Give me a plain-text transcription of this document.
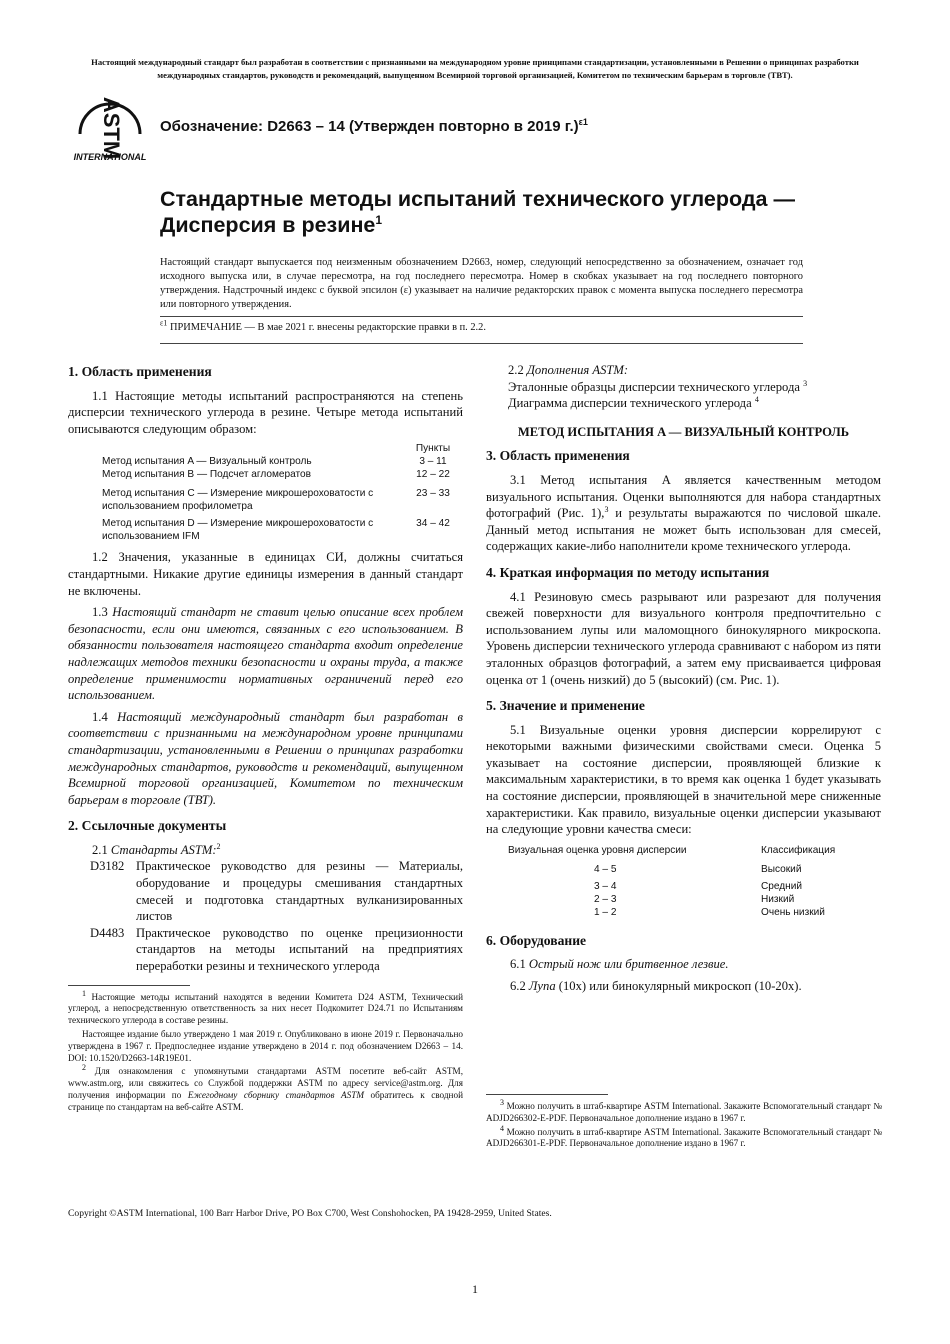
Настоящий международный стандарт был разработан в соответствии с признанными на международном уровне принципами стандартизации, установленными в Решении о принципах разработки международных стандартов, руководств и рекомендаций, выпущенном Всемирной торговой организацией, Комитетом по техническим барьерам в торговле (ТВТ).
ASTM
INTERNATIONAL
Обозначение: D2663 – 14 (Утвержден повторно в 2019 г.)$^{\varepsilon 1}$
Стандартные методы испытаний технического углерода — Дисперсия в резине$^1$
Настоящий стандарт выпускается под неизменным обозначением D2663, номер, следующий непосредственно за обозначением, означает год исходного выпуска или, в случае пересмотра, на год последнего пересмотра. Номер в скобках указывает на год последнего повторного утверждения. Надстрочный индекс с буквой эпсилон (ε) указывает на наличие редакторских правок с момента выпуска последнего пересмотра или повторного утверждения.
$^{\varepsilon 1}$ ПРИМЕЧАНИЕ — В мае 2021 г. внесены редакторские правки в п. 2.2.
1. Область применения

1.1 Настоящие методы испытаний распространяются на степень дисперсии технического углерода в резине. Четыре метода испытаний описываются следующим образом:

	Пункты
Метод испытания A — Визуальный контроль	3 – 11
Метод испытания B — Подсчет агломератов	12 – 22
Метод испытания C — Измерение микрошероховатости с использованием профилометра	23 – 33
Метод испытания D — Измерение микрошероховатости с использованием IFM	34 – 42

1.2 Значения, указанные в единицах СИ, должны считаться стандартными. Никакие другие единицы измерения в данный стандарт не включены.

1.3 Настоящий стандарт не ставит целью описание всех проблем безопасности, если они имеются, связанных с его использованием. В обязанности пользователя настоящего стандарта входит определение надлежащих методов техники безопасности и охраны труда, а также определение применимости нормативных ограничений перед его использованием.

1.4 Настоящий международный стандарт был разработан в соответствии с признанными на международном уровне принципами стандартизации, установленными в Решении о принципах разработки международных стандартов, руководств и рекомендаций, выпущенном Всемирной торговой организацией, Комитетом по техническим барьерам в торговле (ТВТ).

2. Ссылочные документы

2.1 Стандарты ASTM:$^2$

D3182 Практическое руководство для резины — Материалы, оборудование и процедуры смешивания стандартных смесей и подготовка стандартных вулканизированных листов
D4483 Практическое руководство по оценке прецизионности стандартов на методы испытаний на предприятиях переработки резины и технического углерода

$^1$ Настоящие методы испытаний находятся в ведении Комитета D24 ASTM, Технический углерод, а непосредственную ответственность за них несет Подкомитет D24.71 по Испытаниям технического углерода в составе резины.

Настоящее издание было утверждено 1 мая 2019 г. Опубликовано в июне 2019 г. Первоначально утверждена в 1967 г. Предпоследнее издание утверждено в 2014 г. под обозначением D2663 – 14. DOI: 10.1520/D2663-14R19E01.

$^2$ Для ознакомления с упомянутыми стандартами ASTM посетите веб-сайт ASTM, www.astm.org, или свяжитесь со Службой поддержки ASTM по адресу service@astm.org. Для получения информации по Ежегодному сборнику стандартов ASTM обратитесь к сводной странице по стандартам на веб-сайте ASTM.

2.2 Дополнения ASTM:

Эталонные образцы дисперсии технического углерода $^3$
Диаграмма дисперсии технического углерода $^4$
МЕТОД ИСПЫТАНИЯ A — ВИЗУАЛЬНЫЙ КОНТРОЛЬ
3. Область применения

3.1 Метод испытания A является качественным методом визуального испытания. Оценки выполняются для набора стандартных фотографий (Рис. 1),$^3$ и результаты выражаются по числовой шкале. Данный метод испытания не может быть использован для смесей, содержащих какие-либо наполнители кроме технического углерода.

4. Краткая информация по методу испытания

4.1 Резиновую смесь разрывают или разрезают для получения свежей поверхности для визуального контроля предпочтительно с использованием лупы или маломощного бинокулярного микроскопа. Уровень дисперсии технического углерода сравнивают с набором из пяти эталонных образцов фотографий, а затем ему присваивается цифровая оценка от 1 (очень низкий) до 5 (высокий) (см. Рис. 1).

5. Значение и применение

5.1 Визуальные оценки уровня дисперсии коррелируют с некоторыми важными физическими свойствами смеси. Оценка 5 указывает на состояние дисперсии, проявляющей близкие к максимальным характеристики, в то время как оценка 1 будет указывать на состояние дисперсии, проявляющей в значительной мере сниженные характеристики. Как правило, визуальные оценки дисперсии указывают на следующие уровни качества смеси:

Визуальная оценка уровня дисперсии	Классификация
4 – 5	Высокий
3 – 4	Средний
2 – 3	Низкий
1 – 2	Очень низкий
6. Оборудование

6.1 Острый нож или бритвенное лезвие.

6.2 Лупа (10x) или бинокулярный микроскоп (10-20x).

$^3$ Можно получить в штаб-квартире ASTM International. Закажите Вспомогательный стандарт № ADJD266302-E-PDF. Первоначальное дополнение издано в 1967 г.

$^4$ Можно получить в штаб-квартире ASTM International. Закажите Вспомогательный стандарт № ADJD266301-E-PDF. Первоначальное дополнение издано в 1967 г.

Copyright ©ASTM International, 100 Barr Harbor Drive, PO Box C700, West Conshohocken, PA 19428-2959, United States.
1
